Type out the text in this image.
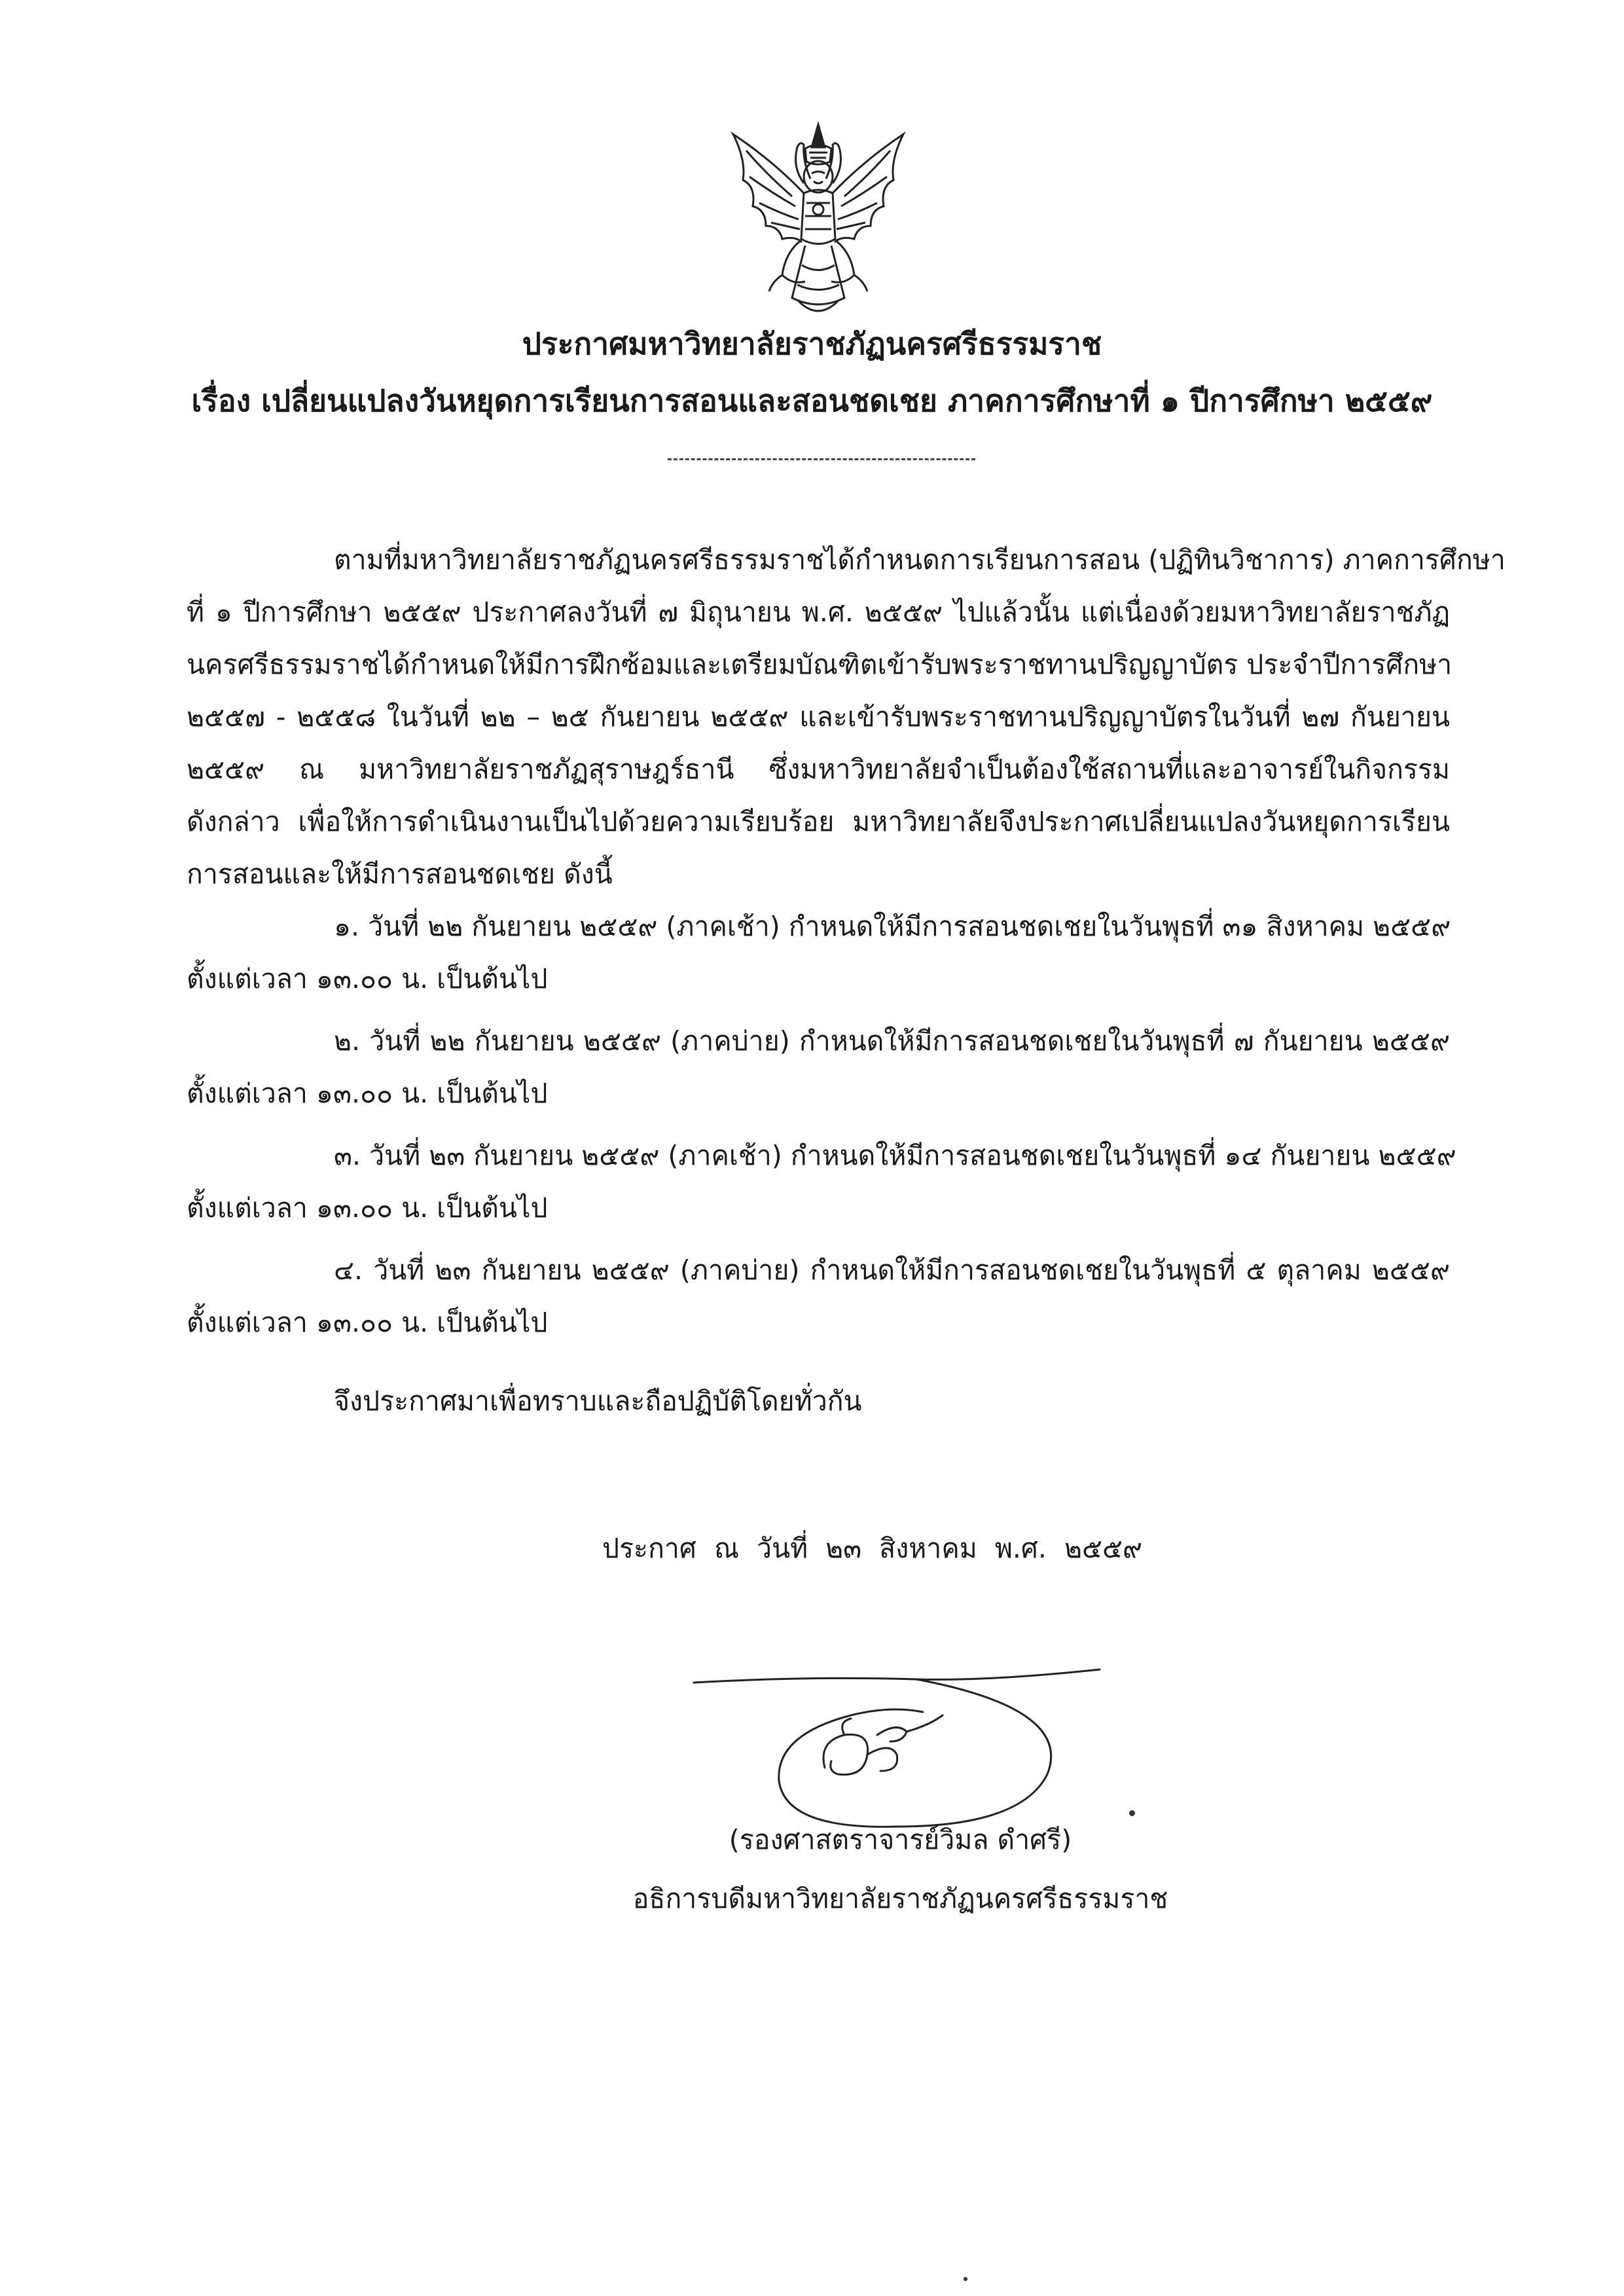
ประกาศมหาวิทยาลัยราชภัฏนครศรีธรรมราช
เรื่อง เปลี่ยนแปลงวันหยุดการเรียนการสอนและสอนชดเชย ภาคการศึกษาที่ ๑ ปีการศึกษา ๒๕๕๙
ตามที่มหาวิทยาลัยราชภัฏนครศรีธรรมราชได้กำหนดการเรียนการสอน (ปฏิทินวิชาการ) ภาคการศึกษา
ที่ ๑ ปีการศึกษา ๒๕๕๙ ประกาศลงวันที่ ๗ มิถุนายน พ.ศ. ๒๕๕๙ ไปแล้วนั้น แต่เนื่องด้วยมหาวิทยาลัยราชภัฏ
นครศรีธรรมราชได้กำหนดให้มีการฝึกซ้อมและเตรียมบัณฑิตเข้ารับพระราชทานปริญญาบัตร ประจำปีการศึกษา
๒๕๕๗ - ๒๕๕๘ ในวันที่ ๒๒ – ๒๕ กันยายน ๒๕๕๙ และเข้ารับพระราชทานปริญญาบัตรในวันที่ ๒๗ กันยายน
๒๕๕๙ ณ มหาวิทยาลัยราชภัฏสุราษฎร์ธานี ซึ่งมหาวิทยาลัยจำเป็นต้องใช้สถานที่และอาจารย์ในกิจกรรม
ดังกล่าว เพื่อให้การดำเนินงานเป็นไปด้วยความเรียบร้อย มหาวิทยาลัยจึงประกาศเปลี่ยนแปลงวันหยุดการเรียน
การสอนและให้มีการสอนชดเชย ดังนี้
๑. วันที่ ๒๒ กันยายน ๒๕๕๙ (ภาคเช้า) กำหนดให้มีการสอนชดเชยในวันพุธที่ ๓๑ สิงหาคม ๒๕๕๙
ตั้งแต่เวลา ๑๓.๐๐ น. เป็นต้นไป
๒. วันที่ ๒๒ กันยายน ๒๕๕๙ (ภาคบ่าย) กำหนดให้มีการสอนชดเชยในวันพุธที่ ๗ กันยายน ๒๕๕๙
ตั้งแต่เวลา ๑๓.๐๐ น. เป็นต้นไป
๓. วันที่ ๒๓ กันยายน ๒๕๕๙ (ภาคเช้า) กำหนดให้มีการสอนชดเชยในวันพุธที่ ๑๔ กันยายน ๒๕๕๙
ตั้งแต่เวลา ๑๓.๐๐ น. เป็นต้นไป
๔. วันที่ ๒๓ กันยายน ๒๕๕๙ (ภาคบ่าย) กำหนดให้มีการสอนชดเชยในวันพุธที่ ๕ ตุลาคม ๒๕๕๙
ตั้งแต่เวลา ๑๓.๐๐ น. เป็นต้นไป
จึงประกาศมาเพื่อทราบและถือปฏิบัติโดยทั่วกัน
ประกาศ ณ วันที่ ๒๓ สิงหาคม พ.ศ. ๒๕๕๙
(รองศาสตราจารย์วิมล ดำศรี)
อธิการบดีมหาวิทยาลัยราชภัฏนครศรีธรรมราช
